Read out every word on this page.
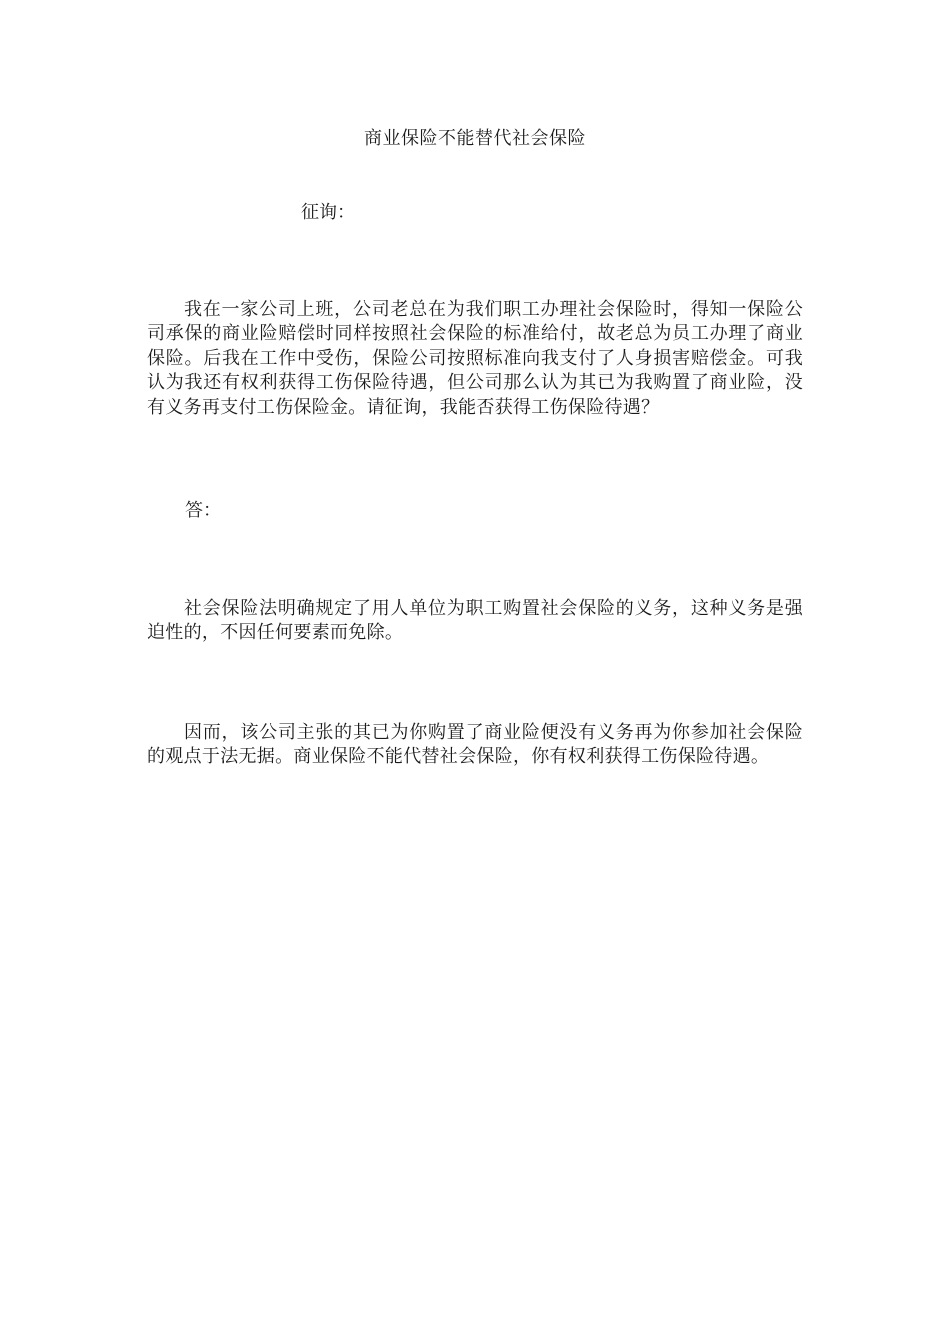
商业保险不能替代社会保险
征询：

我在一家公司上班，公司老总在为我们职工办理社会保险时，得知一保险公司承保的商业险赔偿时同样按照社会保险的标准给付，故老总为员工办理了商业保险。后我在工作中受伤，保险公司按照标准向我支付了人身损害赔偿金。可我认为我还有权利获得工伤保险待遇，但公司那么认为其已为我购置了商业险，没有义务再支付工伤保险金。请征询，我能否获得工伤保险待遇？

答：

社会保险法明确规定了用人单位为职工购置社会保险的义务，这种义务是强迫性的，不因任何要素而免除。

因而，该公司主张的其已为你购置了商业险便没有义务再为你参加社会保险的观点于法无据。商业保险不能代替社会保险，你有权利获得工伤保险待遇。
